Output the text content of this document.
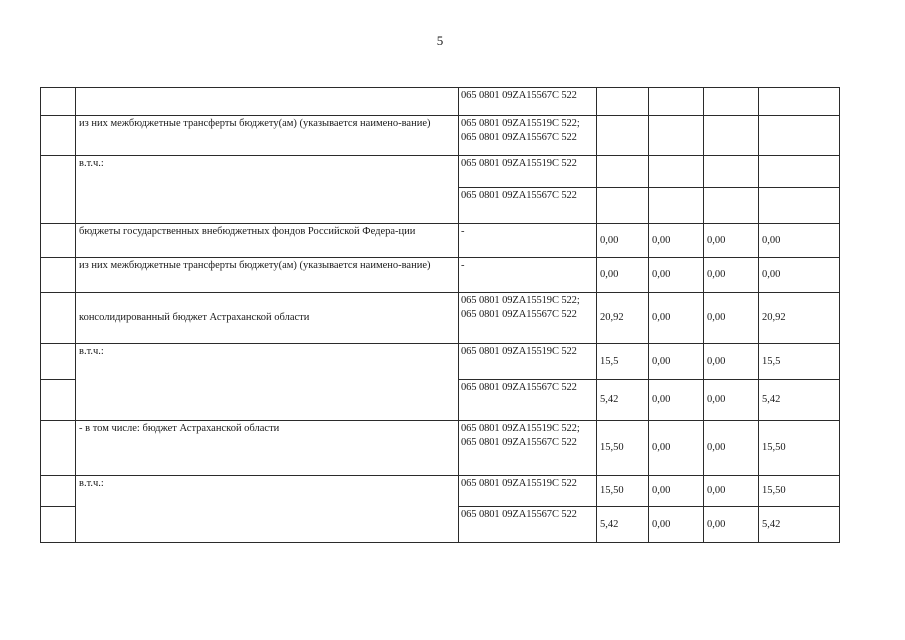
5

		065 0801 09ZA15567C 522				

	из них межбюджетные трансферты бюджету(ам) (указывается наимено-вание)	065 0801 09ZA15519C 522;
065 0801 09ZA15567C 522				

	в.т.ч.:	065 0801 09ZA15519C 522				

		065 0801 09ZA15567C 522				

	бюджеты государственных внебюджетных фондов Российской Федера-ции	-	0,00	0,00	0,00	0,00
	из них межбюджетные трансферты бюджету(ам) (указывается наимено-вание)	-	0,00	0,00	0,00	0,00
	консолидированный бюджет Астраханской области	065 0801 09ZA15519C 522;
065 0801 09ZA15567C 522	20,92	0,00	0,00	20,92
	в.т.ч.:	065 0801 09ZA15519C 522	15,5	0,00	0,00	15,5

		065 0801 09ZA15567C 522	5,42	0,00	0,00	5,42
	- в том числе: бюджет Астраханской области	065 0801 09ZA15519C 522;
065 0801 09ZA15567C 522	15,50	0,00	0,00	15,50
	в.т.ч.:	065 0801 09ZA15519C 522	15,50	0,00	0,00	15,50

		065 0801 09ZA15567C 522	5,42	0,00	0,00	5,42
